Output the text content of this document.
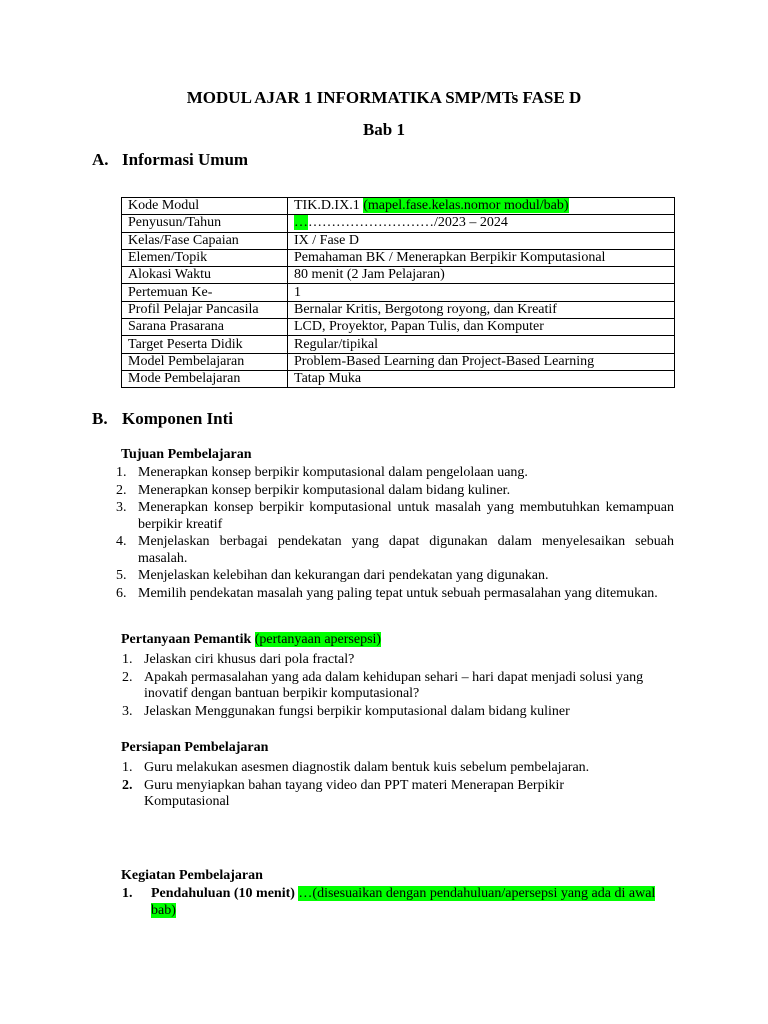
MODUL AJAR 1 INFORMATIKA SMP/MTs FASE D
Bab 1
A. Informasi Umum
Kode Modul	TIK.D.IX.1 (mapel.fase.kelas.nomor modul/bab)
Penyusun/Tahun	…………………………/2023 – 2024
Kelas/Fase Capaian	IX / Fase D
Elemen/Topik	Pemahaman BK / Menerapkan Berpikir Komputasional
Alokasi Waktu	80 menit (2 Jam Pelajaran)
Pertemuan Ke-	1
Profil Pelajar Pancasila	Bernalar Kritis, Bergotong royong, dan Kreatif
Sarana Prasarana	LCD, Proyektor, Papan Tulis, dan Komputer
Target Peserta Didik	Regular/tipikal
Model Pembelajaran	Problem-Based Learning dan Project-Based Learning
Mode Pembelajaran	Tatap Muka
B. Komponen Inti
Tujuan Pembelajaran
1. Menerapkan konsep berpikir komputasional dalam pengelolaan uang.
2. Menerapkan konsep berpikir komputasional dalam bidang kuliner.
3. Menerapkan konsep berpikir komputasional untuk masalah yang membutuhkan kemampuan berpikir kreatif
4. Menjelaskan berbagai pendekatan yang dapat digunakan dalam menyelesaikan sebuah masalah.
5. Menjelaskan kelebihan dan kekurangan dari pendekatan yang digunakan.
6. Memilih pendekatan masalah yang paling tepat untuk sebuah permasalahan yang ditemukan.
Pertanyaan Pemantik (pertanyaan apersepsi)
1. Jelaskan ciri khusus dari pola fractal?
2. Apakah permasalahan yang ada dalam kehidupan sehari – hari dapat menjadi solusi yang inovatif dengan bantuan berpikir komputasional?
3. Jelaskan Menggunakan fungsi berpikir komputasional dalam bidang kuliner
Persiapan Pembelajaran
1. Guru melakukan asesmen diagnostik dalam bentuk kuis sebelum pembelajaran.
2. Guru menyiapkan bahan tayang video dan PPT materi Menerapan Berpikir Komputasional
Kegiatan Pembelajaran
1. Pendahuluan (10 menit) …(disesuaikan dengan pendahuluan/apersepsi yang ada di awal bab)
